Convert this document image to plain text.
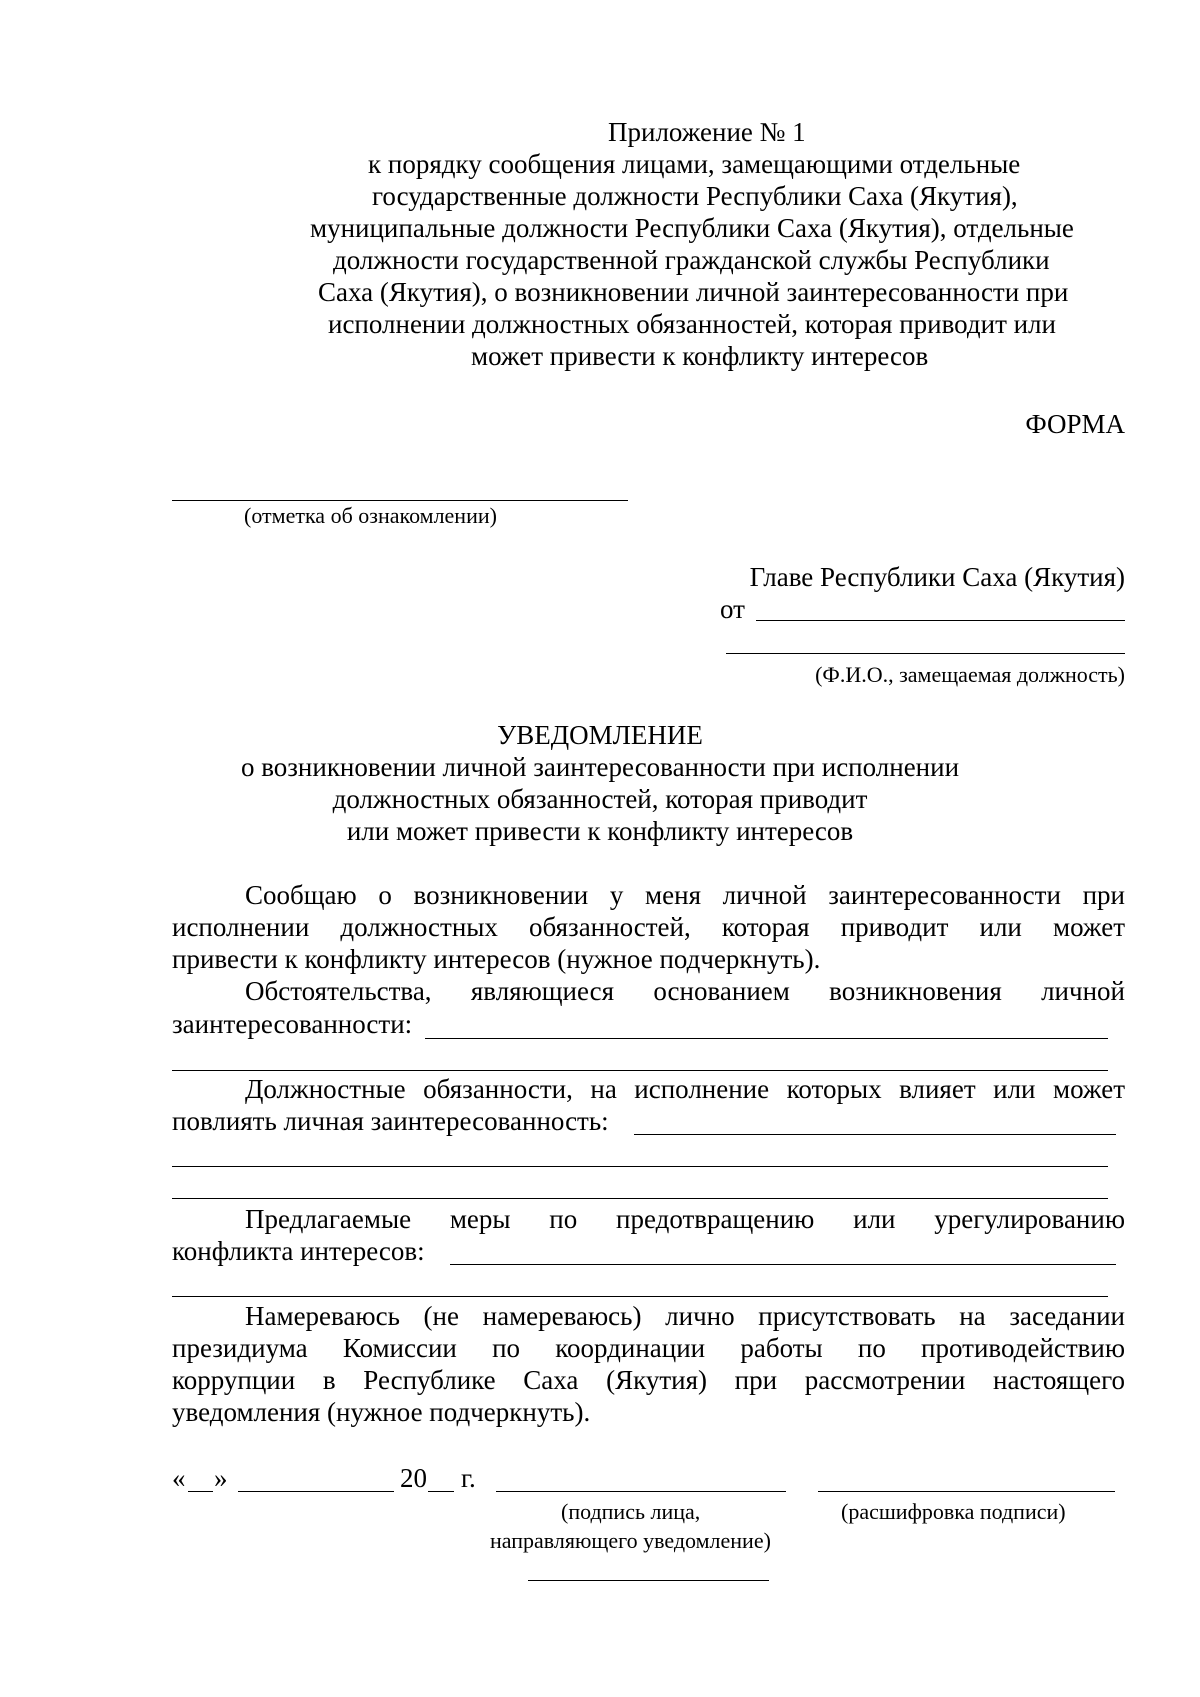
Приложение № 1
к порядку сообщения лицами, замещающими отдельные
государственные должности Республики Саха (Якутия),
муниципальные должности Республики Саха (Якутия), отдельные
должности государственной гражданской службы Республики
Саха (Якутия), о возникновении личной заинтересованности при
исполнении должностных обязанностей, которая приводит или
может привести к конфликту интересов
ФОРМА
(отметка об ознакомлении)
Главе Республики Саха (Якутия)
от
(Ф.И.О., замещаемая должность)
УВЕДОМЛЕНИЕ
о возникновении личной заинтересованности при исполнении
должностных обязанностей, которая приводит
или может привести к конфликту интересов
Сообщаю о возникновении у меня личной заинтересованности при
исполнении должностных обязанностей, которая приводит или может
привести к конфликту интересов (нужное подчеркнуть).
Обстоятельства, являющиеся основанием возникновения личной
заинтересованности:
Должностные обязанности, на исполнение которых влияет или может
повлиять личная заинтересованность:
Предлагаемые меры по предотвращению или урегулированию
конфликта интересов:
Намереваюсь (не намереваюсь) лично присутствовать на заседании
президиума Комиссии по координации работы по противодействию
коррупции в Республике Саха (Якутия) при рассмотрении настоящего
уведомления (нужное подчеркнуть).
« »	20 г.
(подпись лица,	(расшифровка подписи)
направляющего уведомление)
